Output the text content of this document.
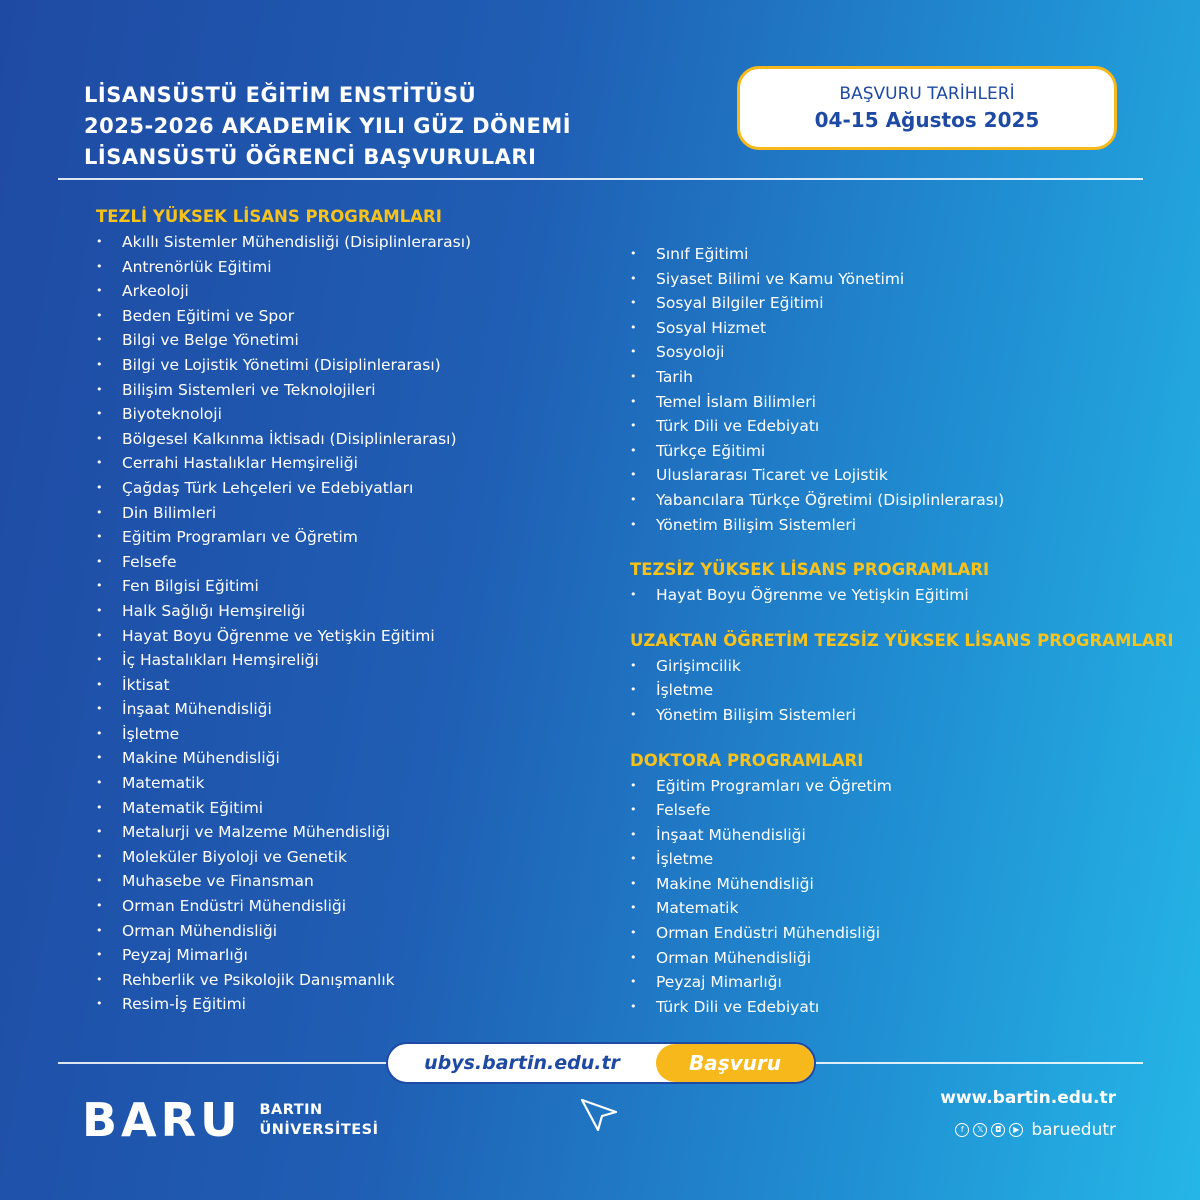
LİSANSÜSTÜ EĞİTİM ENSTİTÜSÜ
2025-2026 AKADEMİK YILI GÜZ DÖNEMİ
LİSANSÜSTÜ ÖĞRENCİ BAŞVURULARI
BAŞVURU TARİHLERİ
04-15 Ağustos 2025
TEZLİ YÜKSEK LİSANS PROGRAMLARI
• Akıllı Sistemler Mühendisliği (Disiplinlerarası)
• Antrenörlük Eğitimi
• Arkeoloji
• Beden Eğitimi ve Spor
• Bilgi ve Belge Yönetimi
• Bilgi ve Lojistik Yönetimi (Disiplinlerarası)
• Bilişim Sistemleri ve Teknolojileri
• Biyoteknoloji
• Bölgesel Kalkınma İktisadı (Disiplinlerarası)
• Cerrahi Hastalıklar Hemşireliği
• Çağdaş Türk Lehçeleri ve Edebiyatları
• Din Bilimleri
• Eğitim Programları ve Öğretim
• Felsefe
• Fen Bilgisi Eğitimi
• Halk Sağlığı Hemşireliği
• Hayat Boyu Öğrenme ve Yetişkin Eğitimi
• İç Hastalıkları Hemşireliği
• İktisat
• İnşaat Mühendisliği
• İşletme
• Makine Mühendisliği
• Matematik
• Matematik Eğitimi
• Metalurji ve Malzeme Mühendisliği
• Moleküler Biyoloji ve Genetik
• Muhasebe ve Finansman
• Orman Endüstri Mühendisliği
• Orman Mühendisliği
• Peyzaj Mimarlığı
• Rehberlik ve Psikolojik Danışmanlık
• Resim-İş Eğitimi
• Sınıf Eğitimi
• Siyaset Bilimi ve Kamu Yönetimi
• Sosyal Bilgiler Eğitimi
• Sosyal Hizmet
• Sosyoloji
• Tarih
• Temel İslam Bilimleri
• Türk Dili ve Edebiyatı
• Türkçe Eğitimi
• Uluslararası Ticaret ve Lojistik
• Yabancılara Türkçe Öğretimi (Disiplinlerarası)
• Yönetim Bilişim Sistemleri
TEZSİZ YÜKSEK LİSANS PROGRAMLARI
• Hayat Boyu Öğrenme ve Yetişkin Eğitimi
UZAKTAN ÖĞRETİM TEZSİZ YÜKSEK LİSANS PROGRAMLARI
• Girişimcilik
• İşletme
• Yönetim Bilişim Sistemleri
DOKTORA PROGRAMLARI
• Eğitim Programları ve Öğretim
• Felsefe
• İnşaat Mühendisliği
• İşletme
• Makine Mühendisliği
• Matematik
• Orman Endüstri Mühendisliği
• Orman Mühendisliği
• Peyzaj Mimarlığı
• Türk Dili ve Edebiyatı
ubys.bartin.edu.tr	Başvuru
BARU BARTIN
ÜNİVERSİTESİ
www.bartin.edu.tr
f	𝕏	◘	▶ baruedutr
